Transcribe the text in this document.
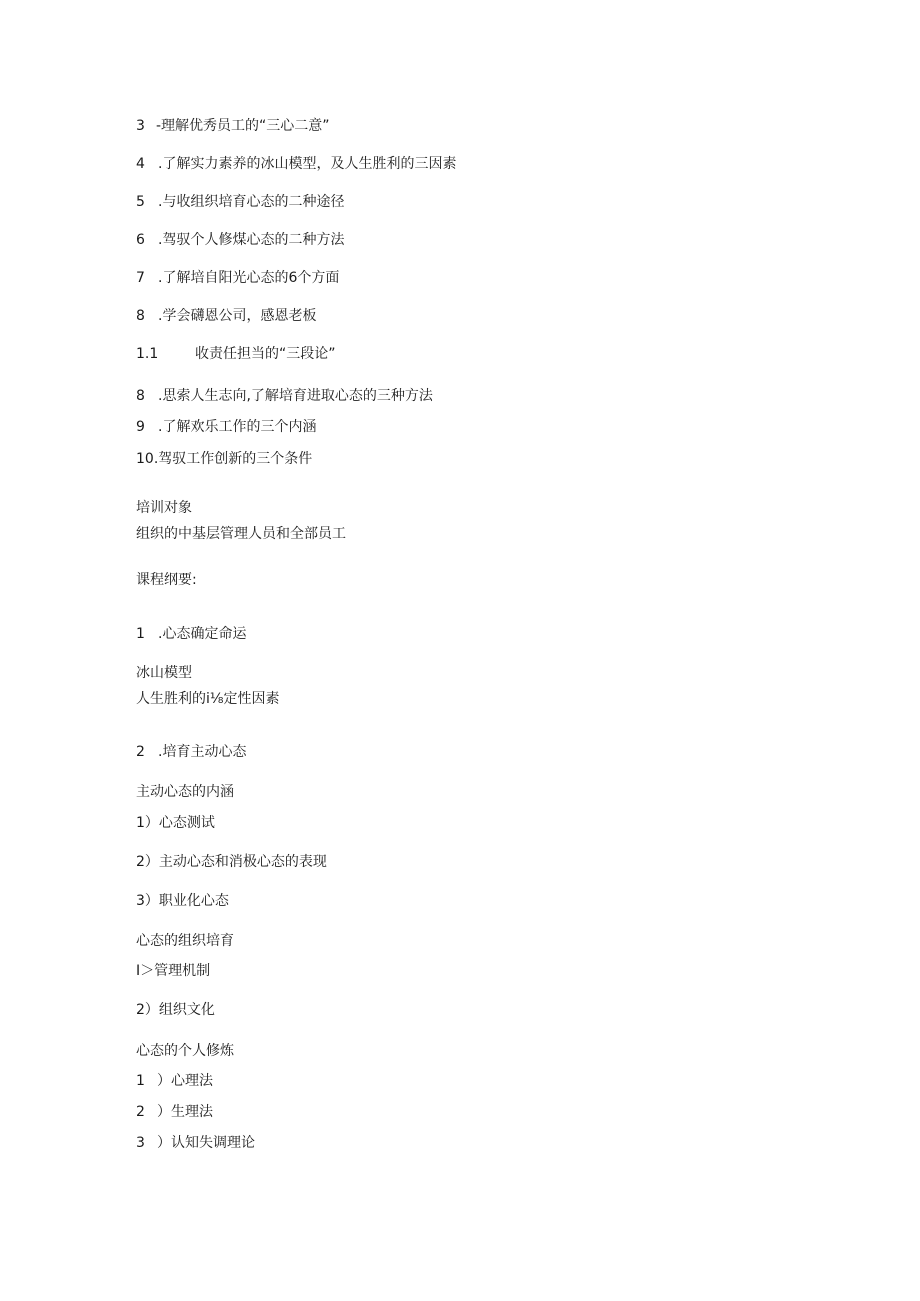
3 -理解优秀员工的“三心二意”
4 .了解实力素养的冰山模型，及人生胜利的三因素
5 .与收组织培育心态的二种途径
6 .驾驭个人修煤心态的二种方法
7 .了解培自阳光心态的6个方面
8 .学会礴恩公司，感恩老板
1.1	收责任担当的“三段论”
8 .思索人生志向,了解培育进取心态的三种方法
9 .了解欢乐工作的三个内涵
10.驾驭工作创新的三个条件
培训对象
组织的中基层管理人员和全部员工
课程纲要:
1 .心态确定命运
冰山模型
人生胜利的i⅛定性因素
2 .培育主动心态
主动心态的内涵
1）心态测试
2）主动心态和消极心态的表现
3）职业化心态
心态的组织培育
I＞管理机制
2）组织文化
心态的个人修炼
1 ）心理法
2 ）生理法
3 ）认知失调理论
